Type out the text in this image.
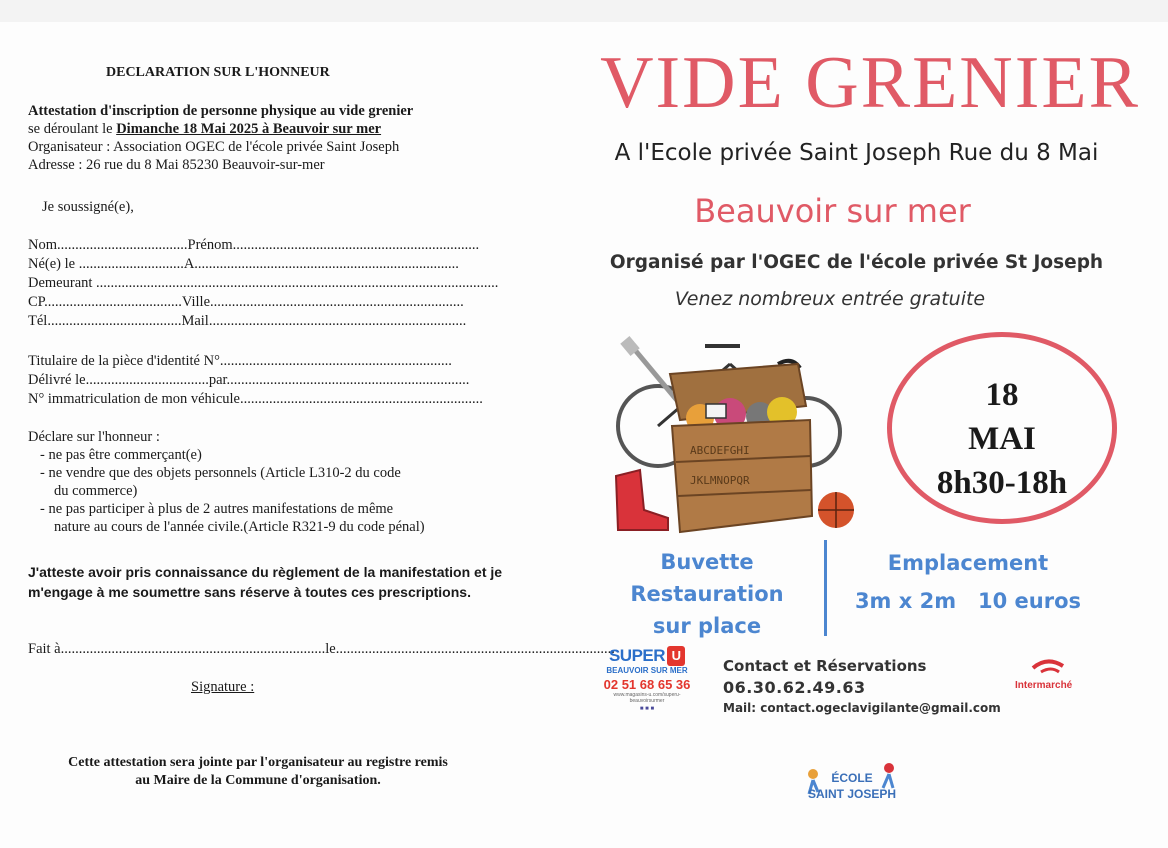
DECLARATION SUR L'HONNEUR
Attestation d'inscription de personne physique au vide grenier
se déroulant le Dimanche 18 Mai 2025 à Beauvoir sur mer
Organisateur : Association OGEC de l'école privée Saint Joseph
Adresse : 26 rue du 8 Mai 85230 Beauvoir-sur-mer
Je soussigné(e),
Nom....................................Prénom....................................................................
Né(e) le .............................A.........................................................................
Demeurant ...............................................................................................................
CP......................................Ville......................................................................
Tél.....................................Mail.......................................................................
Titulaire de la pièce d'identité N°................................................................
Délivré le..................................par...................................................................
N° immatriculation de mon véhicule...................................................................
Déclare sur l'honneur :
- ne pas être commerçant(e)
- ne vendre que des objets personnels (Article L310-2 du code
du commerce)
- ne pas participer à plus de 2 autres manifestations de même
nature au cours de l'année civile.(Article R321-9 du code pénal)
J'atteste avoir pris connaissance du règlement de la manifestation et je
m'engage à me soumettre sans réserve à toutes ces prescriptions.
Fait à.........................................................................le.............................................................................
Signature :
Cette attestation sera jointe par l'organisateur au registre remis
au Maire de la Commune d'organisation.
VIDE GRENIER
A l'Ecole privée Saint Joseph Rue du 8 Mai
Beauvoir sur mer
Organisé par l'OGEC de l'école privée St Joseph
Venez nombreux entrée gratuite
ABCDEFGHI
JKLMNOPQR
18
MAI
8h30-18h
Buvette
Restauration
sur place
Emplacement
3m x 2m   10 euros
SUPER U
BEAUVOIR SUR MER
02 51 68 65 36
www.magasins-u.com/superu-beauvoirsurmer
■ ■ ■
Contact et Réservations
06.30.62.49.63
Mail: contact.ogeclavigilante@gmail.com
Intermarché
ÉCOLE
SAINT JOSEPH
